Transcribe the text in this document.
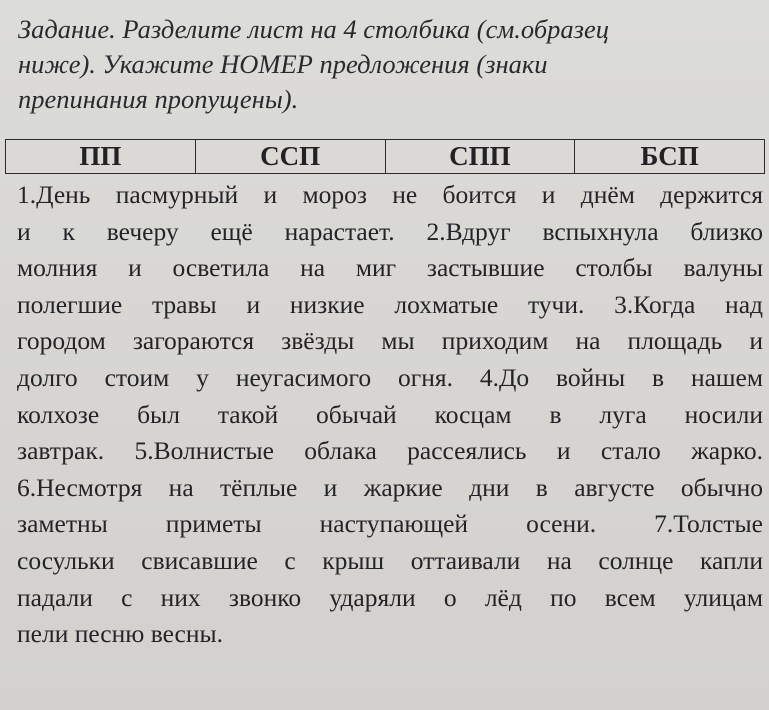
Задание. Разделите лист на 4 столбика (см.образец
ниже). Укажите НОМЕР предложения (знаки
препинания пропущены).
ПП	ССП	СПП	БСП
1.День пасмурный и мороз не боится и днём держится
и к вечеру ещё нарастает. 2.Вдруг вспыхнула близко
молния и осветила на миг застывшие столбы валуны
полегшие травы и низкие лохматые тучи. 3.Когда над
городом загораются звёзды мы приходим на площадь и
долго стоим у неугасимого огня. 4.До войны в нашем
колхозе был такой обычай косцам в луга носили
завтрак. 5.Волнистые облака рассеялись и стало жарко.
6.Несмотря на тёплые и жаркие дни в августе обычно
заметны приметы наступающей осени. 7.Толстые
сосульки свисавшие с крыш оттаивали на солнце капли
падали с них звонко ударяли о лёд по всем улицам
пели песню весны.
